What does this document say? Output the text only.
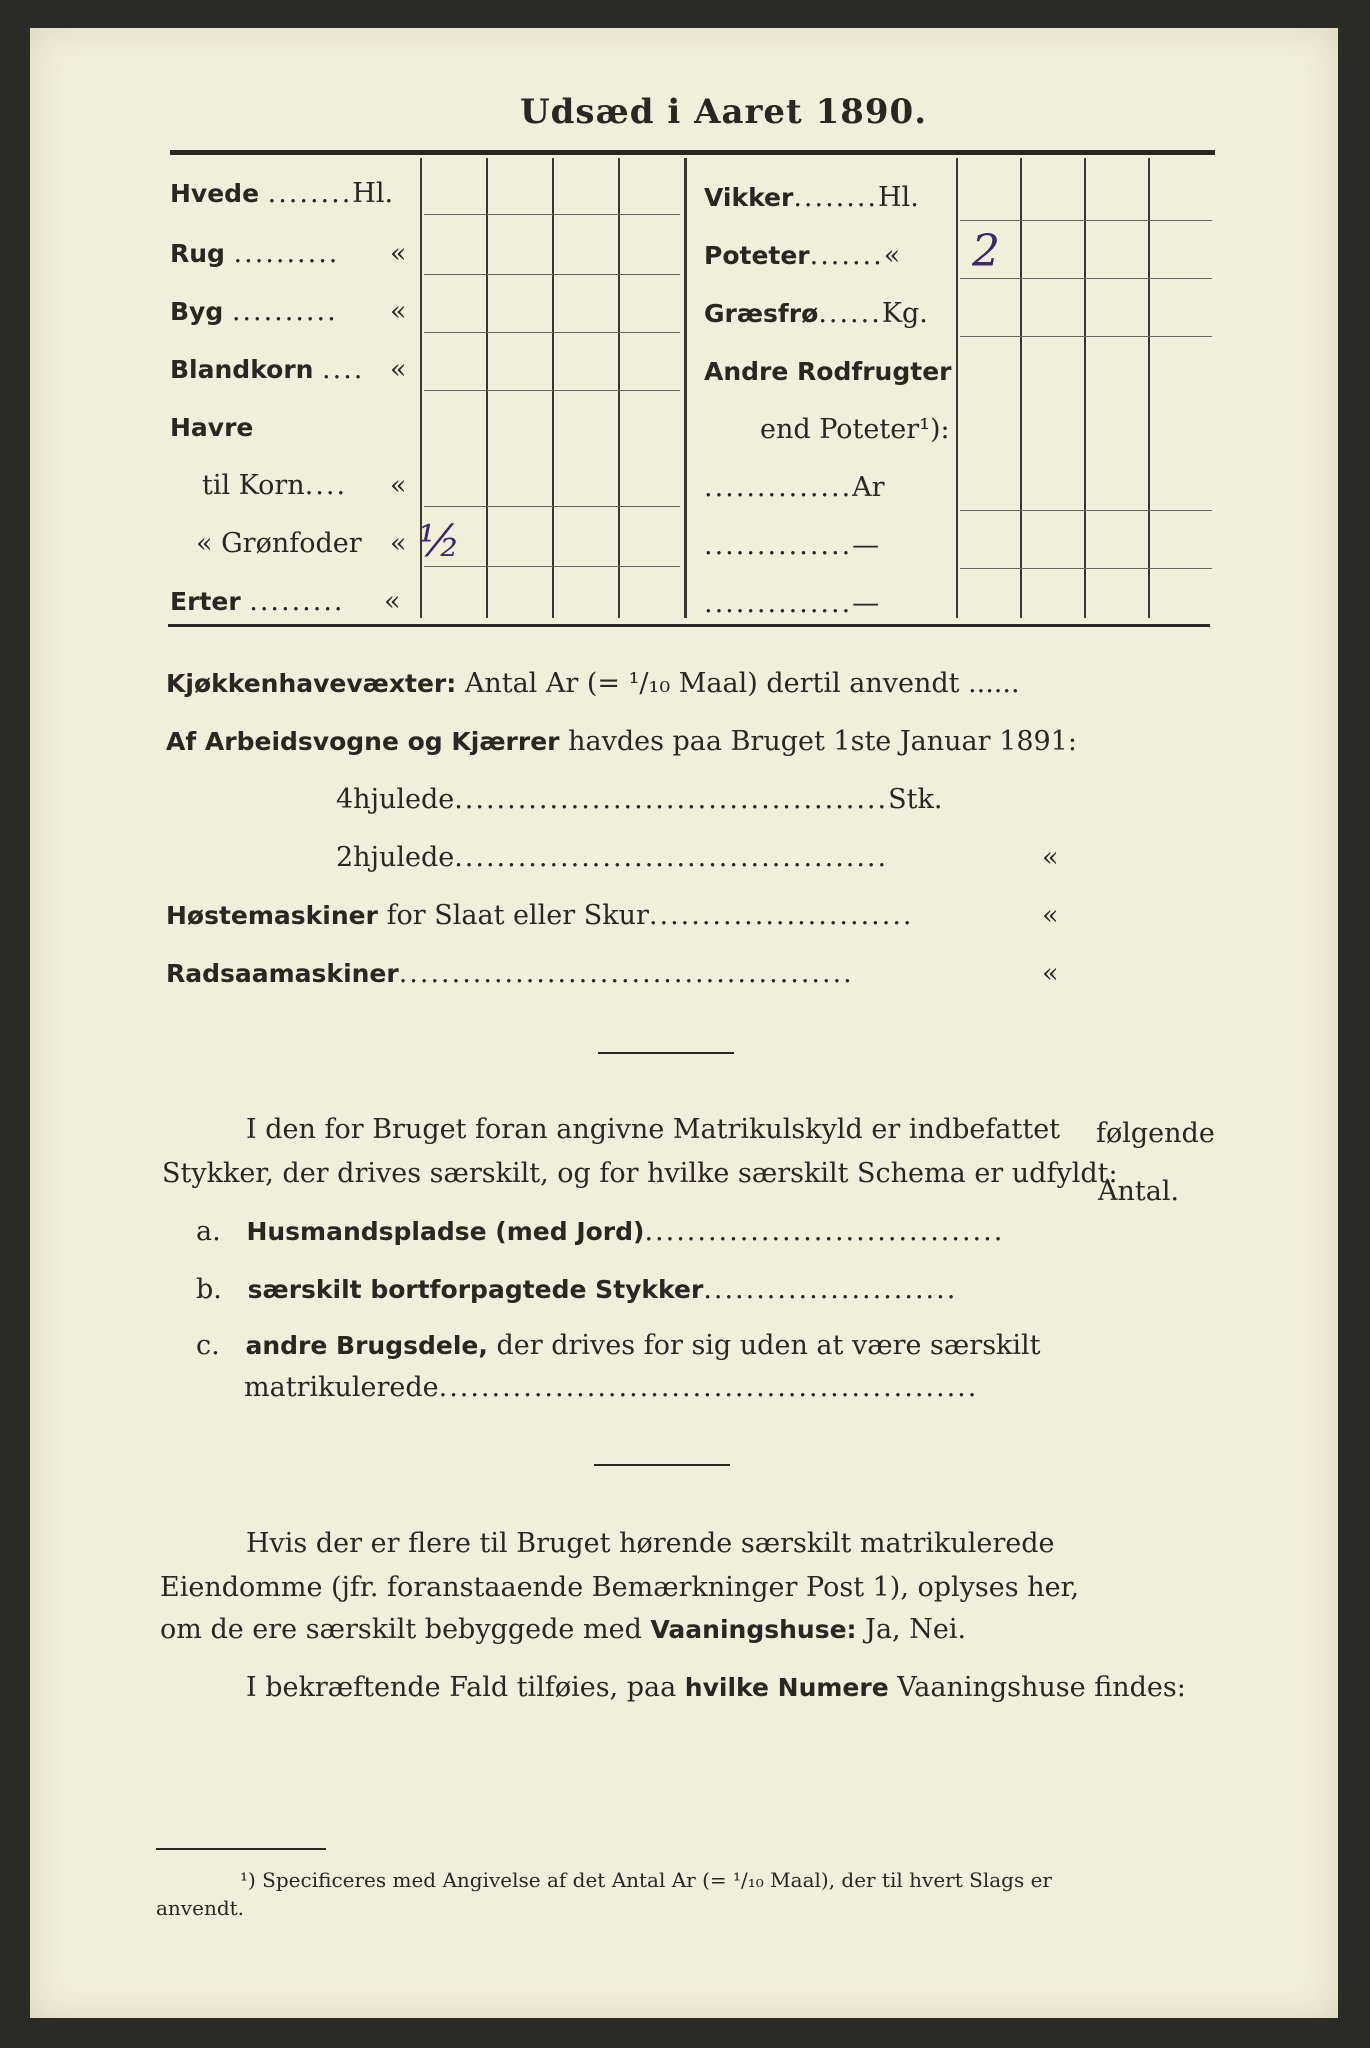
Udsæd i Aaret 1890.
Hvede ........Hl.
Rug .......... «
Byg .......... «
Blandkorn .... «
Havre
til Korn.... «
« Grønfoder « ½
Erter ......... «
Vikker........Hl.
Poteter.......« 2
Græsfrø......Kg.
Andre Rodfrugter
end Poteter¹):
..............Ar
..............—
..............—
Kjøkkenhavevæxter: Antal Ar (= ¹/₁₀ Maal) dertil anvendt ......
Af Arbeidsvogne og Kjærrer havdes paa Bruget 1ste Januar 1891:
4hjulede.........................................Stk.
2hjulede.........................................	«
Høstemaskiner for Slaat eller Skur.........................	«
Radsaamaskiner...........................................	«
I den for Bruget foran angivne Matrikulskyld er indbefattet følgende
Stykker, der drives særskilt, og for hvilke særskilt Schema er udfyldt:
Antal.
a. Husmandspladse (med Jord)..................................
b. særskilt bortforpagtede Stykker........................
c. andre Brugsdele, der drives for sig uden at være særskilt
matrikulerede...................................................
Hvis der er flere til Bruget hørende særskilt matrikulerede
Eiendomme (jfr. foranstaaende Bemærkninger Post 1), oplyses her,
om de ere særskilt bebyggede med Vaaningshuse: Ja, Nei.
I bekræftende Fald tilføies, paa hvilke Numere Vaaningshuse findes:
¹) Specificeres med Angivelse af det Antal Ar (= ¹/₁₀ Maal), der til hvert Slags er
anvendt.
